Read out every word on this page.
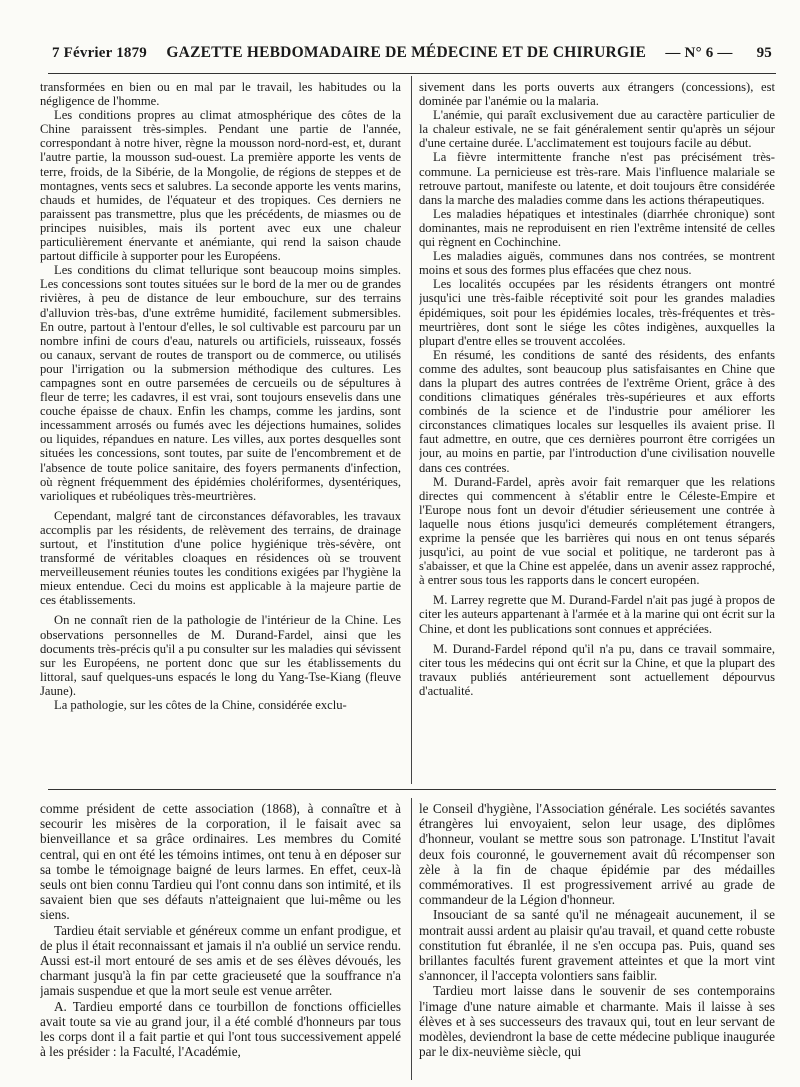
7 Février 1879 GAZETTE HEBDOMADAIRE DE MÉDECINE ET DE CHIRURGIE — N° 6 — 95

transformées en bien ou en mal par le travail, les habitudes ou la négligence de l'homme.

Les conditions propres au climat atmosphérique des côtes de la Chine paraissent très-simples. Pendant une partie de l'année, correspondant à notre hiver, règne la mousson nord-nord-est, et, durant l'autre partie, la mousson sud-ouest. La première apporte les vents de terre, froids, de la Sibérie, de la Mongolie, de régions de steppes et de montagnes, vents secs et salubres. La seconde apporte les vents marins, chauds et humides, de l'équateur et des tropiques. Ces derniers ne paraissent pas transmettre, plus que les précédents, de miasmes ou de principes nuisibles, mais ils portent avec eux une chaleur particulièrement énervante et anémiante, qui rend la saison chaude partout difficile à supporter pour les Européens.

Les conditions du climat tellurique sont beaucoup moins simples. Les concessions sont toutes situées sur le bord de la mer ou de grandes rivières, à peu de distance de leur embouchure, sur des terrains d'alluvion très-bas, d'une extrême humidité, facilement submersibles. En outre, partout à l'entour d'elles, le sol cultivable est parcouru par un nombre infini de cours d'eau, naturels ou artificiels, ruisseaux, fossés ou canaux, servant de routes de transport ou de commerce, ou utilisés pour l'irrigation ou la submersion méthodique des cultures. Les campagnes sont en outre parsemées de cercueils ou de sépultures à fleur de terre; les cadavres, il est vrai, sont toujours ensevelis dans une couche épaisse de chaux. Enfin les champs, comme les jardins, sont incessamment arrosés ou fumés avec les déjections humaines, solides ou liquides, répandues en nature. Les villes, aux portes desquelles sont situées les concessions, sont toutes, par suite de l'encombrement et de l'absence de toute police sanitaire, des foyers permanents d'infection, où règnent fréquemment des épidémies cholériformes, dysentériques, varioliques et rubéoliques très-meurtrières.

Cependant, malgré tant de circonstances défavorables, les travaux accomplis par les résidents, de relèvement des terrains, de drainage surtout, et l'institution d'une police hygiénique très-sévère, ont transformé de véritables cloaques en résidences où se trouvent merveilleusement réunies toutes les conditions exigées par l'hygiène la mieux entendue. Ceci du moins est applicable à la majeure partie de ces établissements.

On ne connaît rien de la pathologie de l'intérieur de la Chine. Les observations personnelles de M. Durand-Fardel, ainsi que les documents très-précis qu'il a pu consulter sur les maladies qui sévissent sur les Européens, ne portent donc que sur les établissements du littoral, sauf quelques-uns espacés le long du Yang-Tse-Kiang (fleuve Jaune).

La pathologie, sur les côtes de la Chine, considérée exclu-

sivement dans les ports ouverts aux étrangers (concessions), est dominée par l'anémie ou la malaria.

L'anémie, qui paraît exclusivement due au caractère particulier de la chaleur estivale, ne se fait généralement sentir qu'après un séjour d'une certaine durée. L'acclimatement est toujours facile au début.

La fièvre intermittente franche n'est pas précisément très-commune. La pernicieuse est très-rare. Mais l'influence malariale se retrouve partout, manifeste ou latente, et doit toujours être considérée dans la marche des maladies comme dans les actions thérapeutiques.

Les maladies hépatiques et intestinales (diarrhée chronique) sont dominantes, mais ne reproduisent en rien l'extrême intensité de celles qui règnent en Cochinchine.

Les maladies aiguës, communes dans nos contrées, se montrent moins et sous des formes plus effacées que chez nous.

Les localités occupées par les résidents étrangers ont montré jusqu'ici une très-faible réceptivité soit pour les grandes maladies épidémiques, soit pour les épidémies locales, très-fréquentes et très-meurtrières, dont sont le siége les côtes indigènes, auxquelles la plupart d'entre elles se trouvent accolées.

En résumé, les conditions de santé des résidents, des enfants comme des adultes, sont beaucoup plus satisfaisantes en Chine que dans la plupart des autres contrées de l'extrême Orient, grâce à des conditions climatiques générales très-supérieures et aux efforts combinés de la science et de l'industrie pour améliorer les circonstances climatiques locales sur lesquelles ils avaient prise. Il faut admettre, en outre, que ces dernières pourront être corrigées un jour, au moins en partie, par l'introduction d'une civilisation nouvelle dans ces contrées.

M. Durand-Fardel, après avoir fait remarquer que les relations directes qui commencent à s'établir entre le Céleste-Empire et l'Europe nous font un devoir d'étudier sérieusement une contrée à laquelle nous étions jusqu'ici demeurés complétement étrangers, exprime la pensée que les barrières qui nous en ont tenus séparés jusqu'ici, au point de vue social et politique, ne tarderont pas à s'abaisser, et que la Chine est appelée, dans un avenir assez rapproché, à entrer sous tous les rapports dans le concert européen.

M. Larrey regrette que M. Durand-Fardel n'ait pas jugé à propos de citer les auteurs appartenant à l'armée et à la marine qui ont écrit sur la Chine, et dont les publications sont connues et appréciées.

M. Durand-Fardel répond qu'il n'a pu, dans ce travail sommaire, citer tous les médecins qui ont écrit sur la Chine, et que la plupart des travaux publiés antérieurement sont actuellement dépourvus d'actualité.

comme président de cette association (1868), à connaître et à secourir les misères de la corporation, il le faisait avec sa bienveillance et sa grâce ordinaires. Les membres du Comité central, qui en ont été les témoins intimes, ont tenu à en déposer sur sa tombe le témoignage baigné de leurs larmes. En effet, ceux-là seuls ont bien connu Tardieu qui l'ont connu dans son intimité, et ils savaient bien que ses défauts n'atteignaient que lui-même ou les siens.

Tardieu était serviable et généreux comme un enfant prodigue, et de plus il était reconnaissant et jamais il n'a oublié un service rendu. Aussi est-il mort entouré de ses amis et de ses élèves dévoués, les charmant jusqu'à la fin par cette gracieuseté que la souffrance n'a jamais suspendue et que la mort seule est venue arrêter.

A. Tardieu emporté dans ce tourbillon de fonctions officielles avait toute sa vie au grand jour, il a été comblé d'honneurs par tous les corps dont il a fait partie et qui l'ont tous successivement appelé à les présider : la Faculté, l'Académie,

le Conseil d'hygiène, l'Association générale. Les sociétés savantes étrangères lui envoyaient, selon leur usage, des diplômes d'honneur, voulant se mettre sous son patronage. L'Institut l'avait deux fois couronné, le gouvernement avait dû récompenser son zèle à la fin de chaque épidémie par des médailles commémoratives. Il est progressivement arrivé au grade de commandeur de la Légion d'honneur.

Insouciant de sa santé qu'il ne ménageait aucunement, il se montrait aussi ardent au plaisir qu'au travail, et quand cette robuste constitution fut ébranlée, il ne s'en occupa pas. Puis, quand ses brillantes facultés furent gravement atteintes et que la mort vint s'annoncer, il l'accepta volontiers sans faiblir.

Tardieu mort laisse dans le souvenir de ses contemporains l'image d'une nature aimable et charmante. Mais il laisse à ses élèves et à ses successeurs des travaux qui, tout en leur servant de modèles, deviendront la base de cette médecine publique inaugurée par le dix-neuvième siècle, qui
